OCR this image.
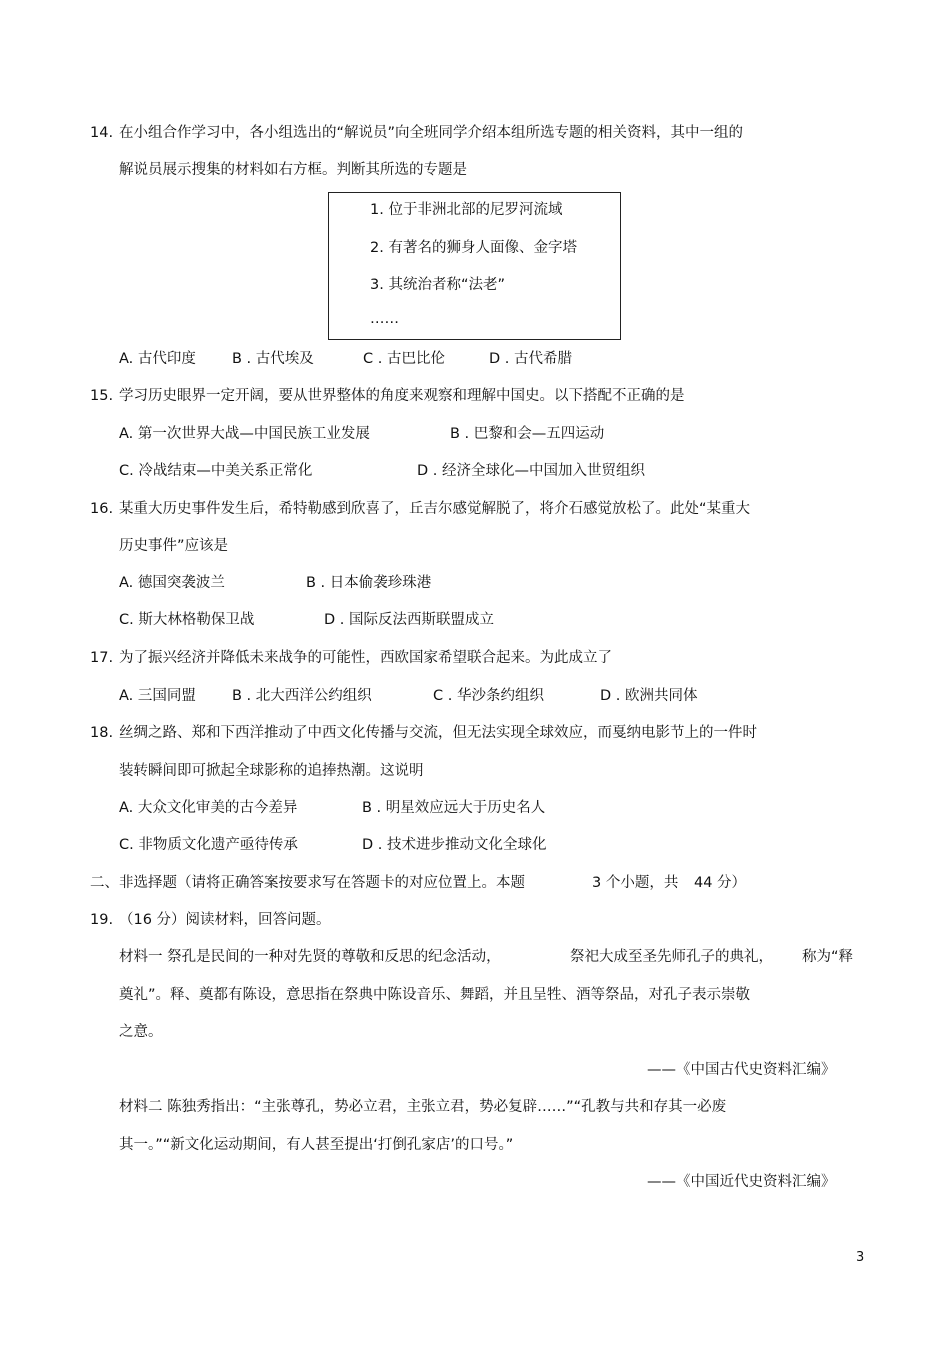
14. 在小组合作学习中，各小组选出的“解说员”向全班同学介绍本组所选专题的相关资料，其中一组的
解说员展示搜集的材料如右方框。判断其所选的专题是
1. 位于非洲北部的尼罗河流域
2. 有著名的狮身人面像、金字塔
3. 其统治者称“法老”
……
A. 古代印度 B . 古代埃及	C . 古巴比伦	D . 古代希腊
15. 学习历史眼界一定开阔，要从世界整体的角度来观察和理解中国史。以下搭配不正确的是
A. 第一次世界大战—中国民族工业发展	B . 巴黎和会—五四运动
C. 冷战结束—中美关系正常化	D . 经济全球化—中国加入世贸组织
16. 某重大历史事件发生后，希特勒感到欣喜了，丘吉尔感觉解脱了，将介石感觉放松了。此处“某重大
历史事件”应该是
A. 德国突袭波兰	B . 日本偷袭珍珠港
C. 斯大林格勒保卫战	D . 国际反法西斯联盟成立
17. 为了振兴经济并降低未来战争的可能性，西欧国家希望联合起来。为此成立了
A. 三国同盟 B . 北大西洋公约组织	C . 华沙条约组织	D . 欧洲共同体
18. 丝绸之路、郑和下西洋推动了中西文化传播与交流，但无法实现全球效应，而戛纳电影节上的一件时
装转瞬间即可掀起全球影称的追捧热潮。这说明
A. 大众文化审美的古今差异	B . 明星效应远大于历史名人
C. 非物质文化遗产亟待传承	D . 技术进步推动文化全球化
二、非选择题（请将正确答案按要求写在答题卡的对应位置上。本题	3 个小题，共 44 分）
19. （16 分）阅读材料，回答问题。
材料一 祭孔是民间的一种对先贤的尊敬和反思的纪念活动，	祭祀大成至圣先师孔子的典礼， 称为“释
奠礼”。释、奠都有陈设，意思指在祭典中陈设音乐、舞蹈，并且呈牲、酒等祭品，对孔子表示崇敬
之意。
——《中国古代史资料汇编》
材料二 陈独秀指出：“主张尊孔，势必立君，主张立君，势必复辟……”“孔教与共和存其一必废
其一。”“新文化运动期间，有人甚至提出‘打倒孔家店’的口号。”
——《中国近代史资料汇编》
3
